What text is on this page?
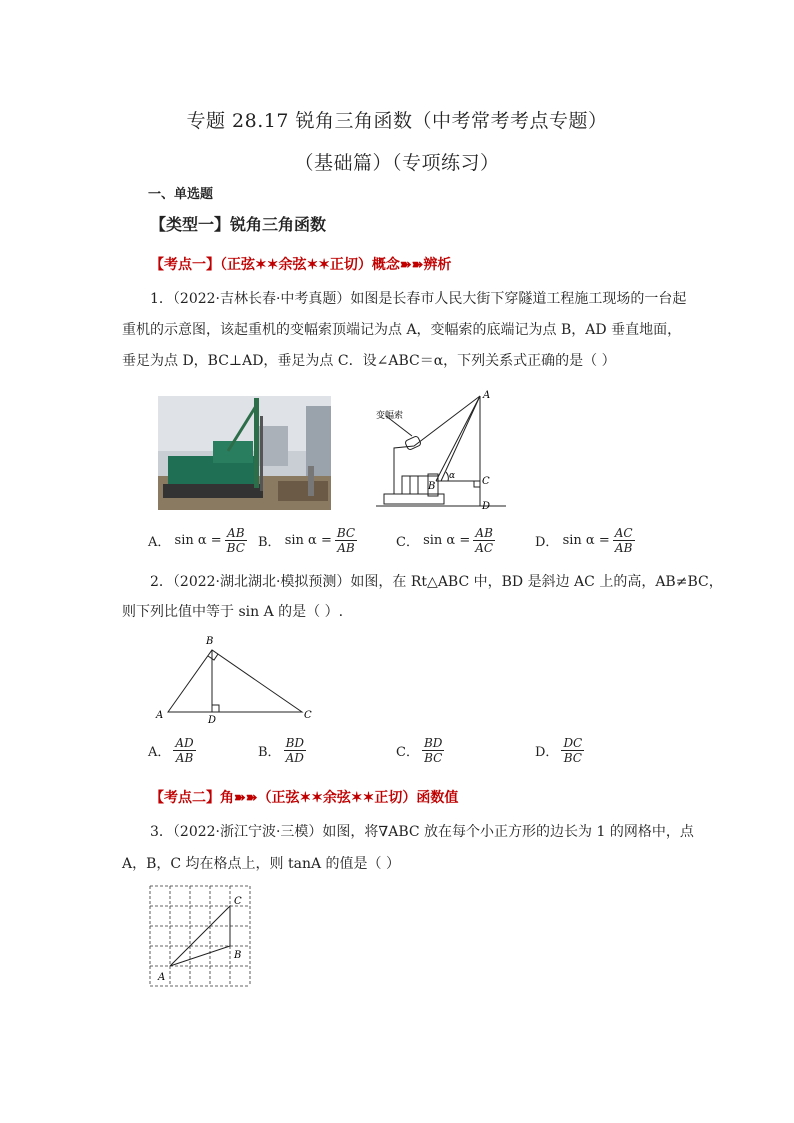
专题 28.17 锐角三角函数（中考常考考点专题）
（基础篇）（专项练习）
一、单选题
【类型一】锐角三角函数
【考点一】（正弦✶✶余弦✶✶正切）概念➽➽辨析
1．（2022·吉林长春·中考真题）如图是长春市人民大街下穿隧道工程施工现场的一台起
重机的示意图，该起重机的变幅索顶端记为点 A，变幅索的底端记为点 B，AD 垂直地面，
垂足为点 D，BC⊥AD，垂足为点 C．设∠ABC＝α，下列关系式正确的是（ ）
A
C
D
B
α
变幅索
A．
$\sin \alpha = \frac{AB}{BC}$ B．
$\sin \alpha = \frac{BC}{AB}$	C．
$\sin \alpha = \frac{AB}{AC}$	D．
$\sin \alpha = \frac{AC}{AB}$
2．（2022·湖北湖北·模拟预测）如图，在 Rt△ABC 中，BD 是斜边 AC 上的高，AB≠BC，
则下列比值中等于 sin A 的是（ ）.
B
A	D	C
A． $\frac{AD}{AB}$	B． $\frac{BD}{AD}$	C． $\frac{BD}{BC}$	D． $\frac{DC}{BC}$
【考点二】角➽➽（正弦✶✶余弦✶✶正切）函数值
3．（2022·浙江宁波·三模）如图，将∇ABC 放在每个小正方形的边长为 1 的网格中，点
A，B，C 均在格点上，则 tanA 的值是（ ）
C
B
A
